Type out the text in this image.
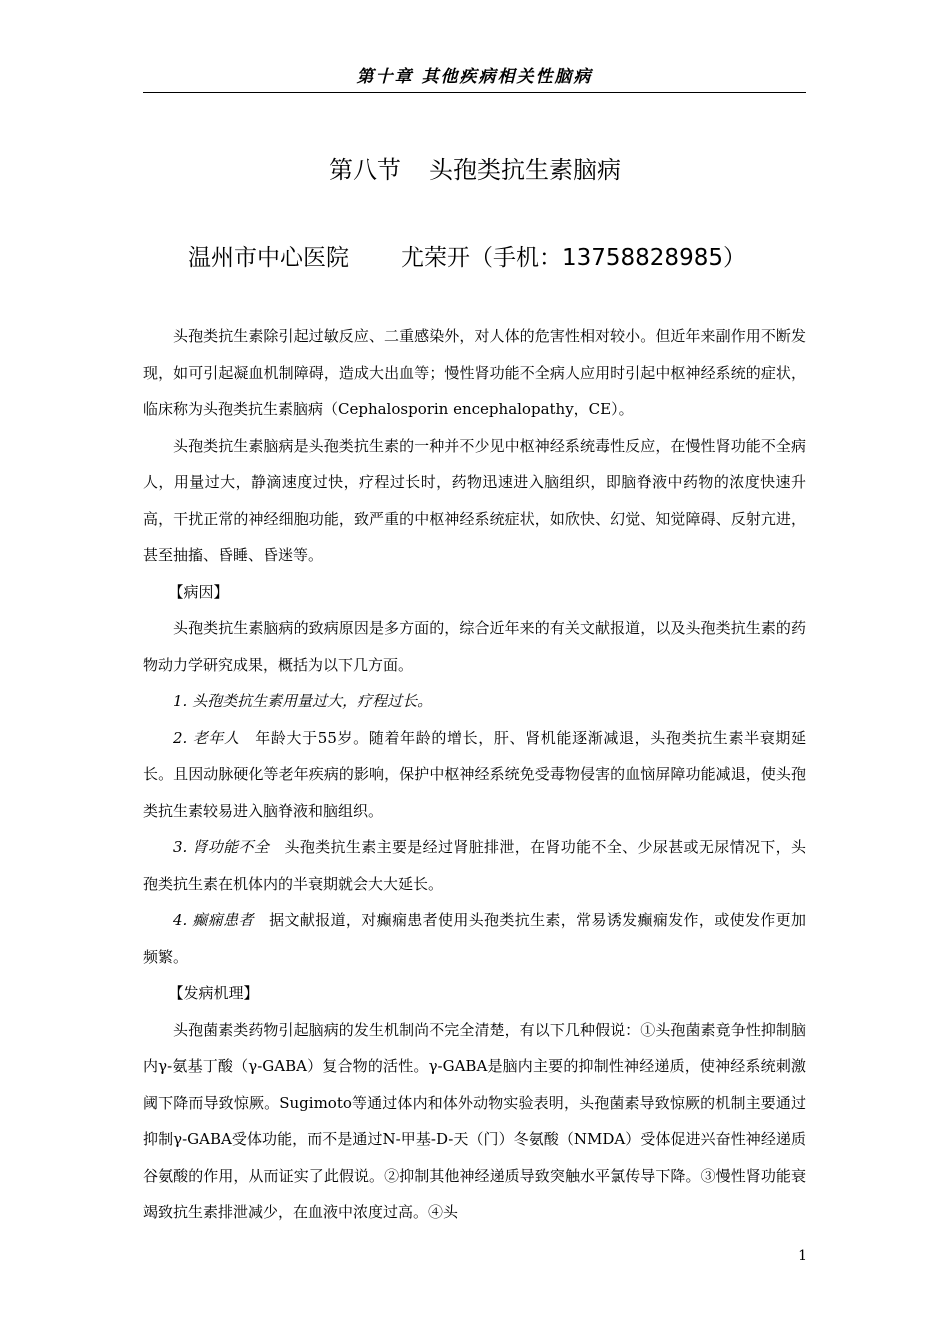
第十章 其他疾病相关性脑病
第八节 头孢类抗生素脑病
温州市中心医院 尤荣开（手机：13758828985）

头孢类抗生素除引起过敏反应、二重感染外，对人体的危害性相对较小。但近年来副作用不断发现，如可引起凝血机制障碍，造成大出血等；慢性肾功能不全病人应用时引起中枢神经系统的症状，临床称为头孢类抗生素脑病（Cephalosporin encephalopathy，CE）。

头孢类抗生素脑病是头孢类抗生素的一种并不少见中枢神经系统毒性反应，在慢性肾功能不全病人，用量过大，静滴速度过快，疗程过长时，药物迅速进入脑组织，即脑脊液中药物的浓度快速升高，干扰正常的神经细胞功能，致严重的中枢神经系统症状，如欣快、幻觉、知觉障碍、反射亢进，甚至抽搐、昏睡、昏迷等。

【病因】

头孢类抗生素脑病的致病原因是多方面的，综合近年来的有关文献报道，以及头孢类抗生素的药物动力学研究成果，概括为以下几方面。

1. 头孢类抗生素用量过大，疗程过长。

2. 老年人  年龄大于55岁。随着年龄的增长，肝、肾机能逐渐减退，头孢类抗生素半衰期延长。且因动脉硬化等老年疾病的影响，保护中枢神经系统免受毒物侵害的血恼屏障功能减退，使头孢类抗生素较易进入脑脊液和脑组织。

3. 肾功能不全  头孢类抗生素主要是经过肾脏排泄，在肾功能不全、少尿甚或无尿情况下，头孢类抗生素在机体内的半衰期就会大大延长。

4. 癫痫患者  据文献报道，对癫痫患者使用头孢类抗生素，常易诱发癫痫发作，或使发作更加频繁。

【发病机理】

头孢菌素类药物引起脑病的发生机制尚不完全清楚，有以下几种假说：①头孢菌素竟争性抑制脑内γ-氨基丁酸（γ-GABA）复合物的活性。γ-GABA是脑内主要的抑制性神经递质，使神经系统刺激阈下降而导致惊厥。Sugimoto等通过体内和体外动物实验表明，头孢菌素导致惊厥的机制主要通过抑制γ-GABA受体功能，而不是通过N-甲基-D-天（门）冬氨酸（NMDA）受体促进兴奋性神经递质谷氨酸的作用，从而证实了此假说。②抑制其他神经递质导致突触水平氯传导下降。③慢性肾功能衰竭致抗生素排泄减少，在血液中浓度过高。④头

1
